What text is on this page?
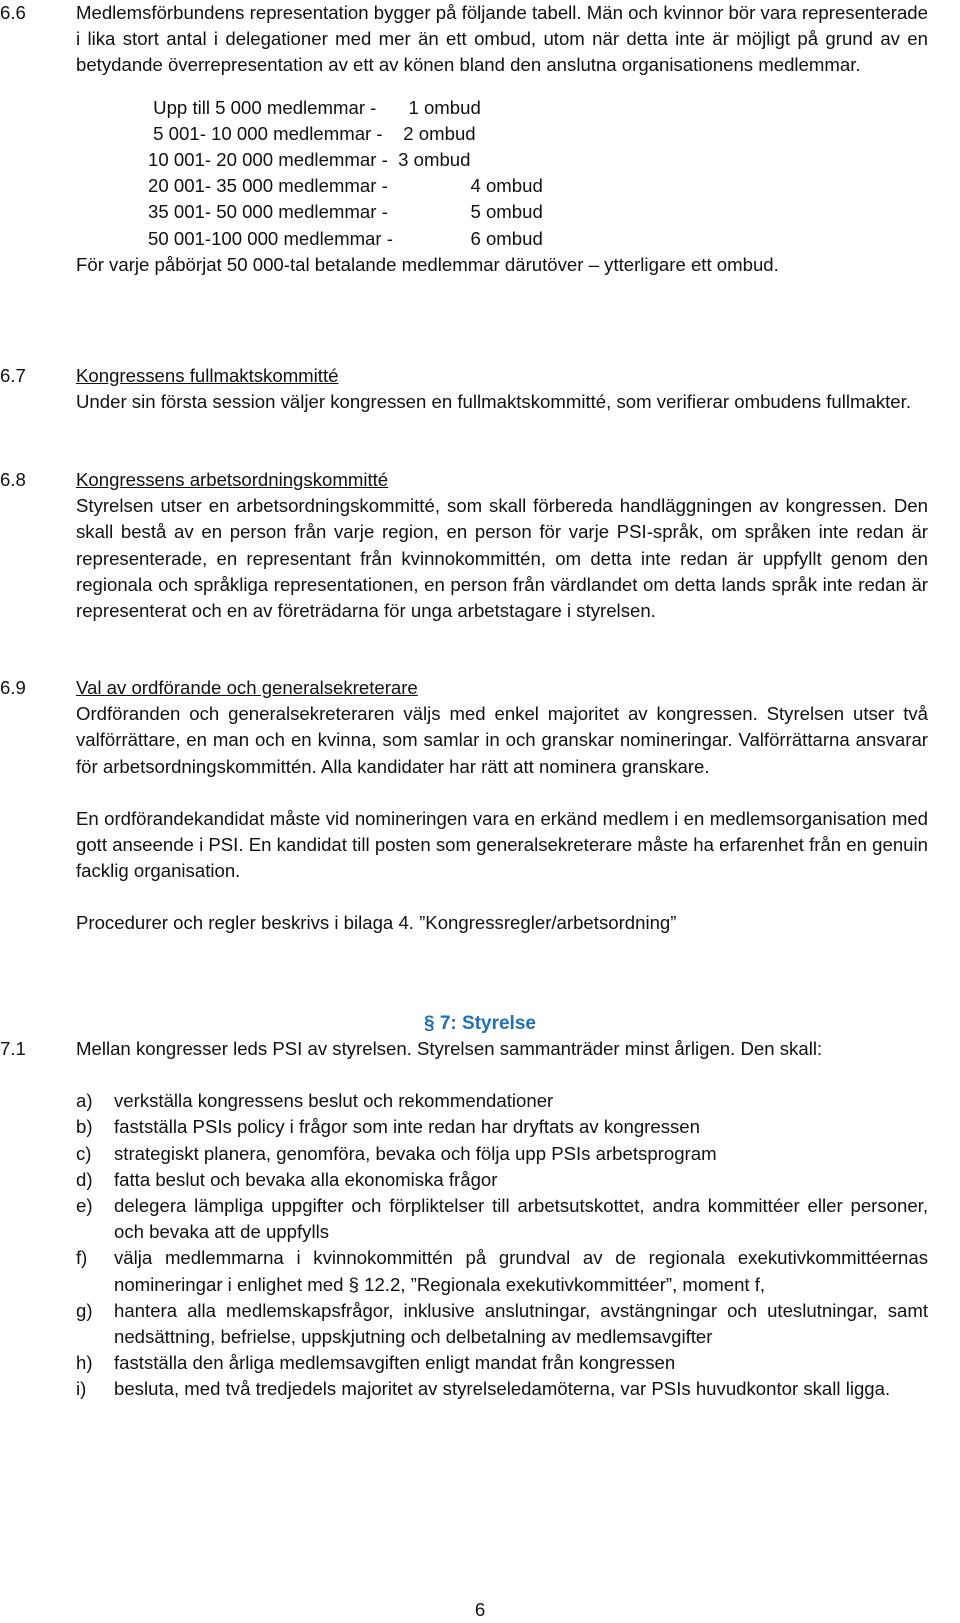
6.6	Medlemsförbundens representation bygger på följande tabell. Män och kvinnor bör vara representerade i lika stort antal i delegationer med mer än ett ombud, utom när detta inte är möjligt på grund av en betydande överrepresentation av ett av könen bland den anslutna organisationens medlemmar.

Upp till 5 000 medlemmar -	1 ombud
5 001- 10 000 medlemmar -	2 ombud
10 001- 20 000 medlemmar -	3 ombud
20 001- 35 000 medlemmar -	4 ombud
35 001- 50 000 medlemmar -	5 ombud
50 001-100 000 medlemmar -	6 ombud

För varje påbörjat 50 000-tal betalande medlemmar därutöver – ytterligare ett ombud.

6.7	Kongressens fullmaktskommitté

Under sin första session väljer kongressen en fullmaktskommitté, som verifierar ombudens fullmakter.

6.8	Kongressens arbetsordningskommitté

Styrelsen utser en arbetsordningskommitté, som skall förbereda handläggningen av kongressen. Den skall bestå av en person från varje region, en person för varje PSI-språk, om språken inte redan är representerade, en representant från kvinnokommittén, om detta inte redan är uppfyllt genom den regionala och språkliga representationen, en person från värdlandet om detta lands språk inte redan är representerat och en av företrädarna för unga arbetstagare i styrelsen.

6.9	Val av ordförande och generalsekreterare

Ordföranden och generalsekreteraren väljs med enkel majoritet av kongressen. Styrelsen utser två valförrättare, en man och en kvinna, som samlar in och granskar nomineringar. Valförrättarna ansvarar för arbetsordningskommittén. Alla kandidater har rätt att nominera granskare.

En ordförandekandidat måste vid nomineringen vara en erkänd medlem i en medlemsorganisation med gott anseende i PSI. En kandidat till posten som generalsekreterare måste ha erfarenhet från en genuin facklig organisation.

Procedurer och regler beskrivs i bilaga 4. ”Kongressregler/arbetsordning”

§ 7: Styrelse
7.1	Mellan kongresser leds PSI av styrelsen. Styrelsen sammanträder minst årligen. Den skall:

a) verkställa kongressens beslut och rekommendationer
b) fastställa PSIs policy i frågor som inte redan har dryftats av kongressen
c) strategiskt planera, genomföra, bevaka och följa upp PSIs arbetsprogram
d) fatta beslut och bevaka alla ekonomiska frågor
e) delegera lämpliga uppgifter och förpliktelser till arbetsutskottet, andra kommittéer eller personer, och bevaka att de uppfylls
f) välja medlemmarna i kvinnokommittén på grundval av de regionala exekutivkommittéernas nomineringar i enlighet med § 12.2, ”Regionala exekutivkommittéer”, moment f,
g) hantera alla medlemskapsfrågor, inklusive anslutningar, avstängningar och uteslutningar, samt nedsättning, befrielse, uppskjutning och delbetalning av medlemsavgifter
h) fastställa den årliga medlemsavgiften enligt mandat från kongressen
i) besluta, med två tredjedels majoritet av styrelseledamöterna, var PSIs huvudkontor skall ligga.
6
